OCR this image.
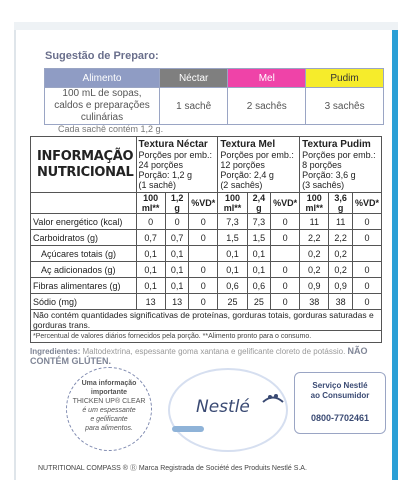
Sugestão de Preparo:
Alimento	Néctar	Mel	Pudim
100 mL de sopas, caldos e preparações culinárias	1 sachê	2 sachês	3 sachês
Cada sachê contém 1,2 g.
INFORMAÇÃO
NUTRICIONAL	Textura Néctar
Porções por emb.:
24 porções
Porção: 1,2 g
(1 sachê)			Textura Mel
Porções por emb.:
12 porções
Porção: 2,4 g
(2 sachês)			Textura Pudim
Porções por emb.:
8 porções
Porção: 3,6 g
(3 sachês)		
	100 ml**	1,2 g	%VD*	100 ml**	2,4 g	%VD*	100 ml**	3,6 g	%VD*
Valor energético (kcal)	0	0	0	7,3	7,3	0	11	11	0
Carboidratos (g)	0,7	0,7	0	1,5	1,5	0	2,2	2,2	0
Açúcares totais (g)	0,1	0,1		0,1	0,1		0,2	0,2	
Aç adicionados (g)	0,1	0,1	0	0,1	0,1	0	0,2	0,2	0
Fibras alimentares (g)	0,1	0,1	0	0,6	0,6	0	0,9	0,9	0
Sódio (mg)	13	13	0	25	25	0	38	38	0
Não contém quantidades significativas de proteínas, gorduras totais, gorduras saturadas e gorduras trans.									
*Percentual de valores diários fornecidos pela porção. **Alimento pronto para o consumo.									
Ingredientes: Maltodextrina, espessante goma xantana e gelificante cloreto de potássio. NÃO CONTÉM GLÚTEN.
Uma informação
importante
THICKEN UP® CLEAR
é um espessante
e gelificante
para alimentos.
Nestlé
Serviço Nestlé
ao Consumidor
0800-7702461
NUTRITIONAL COMPASS ® Ⓡ Marca Registrada de Société des Produits Nestlé S.A.
